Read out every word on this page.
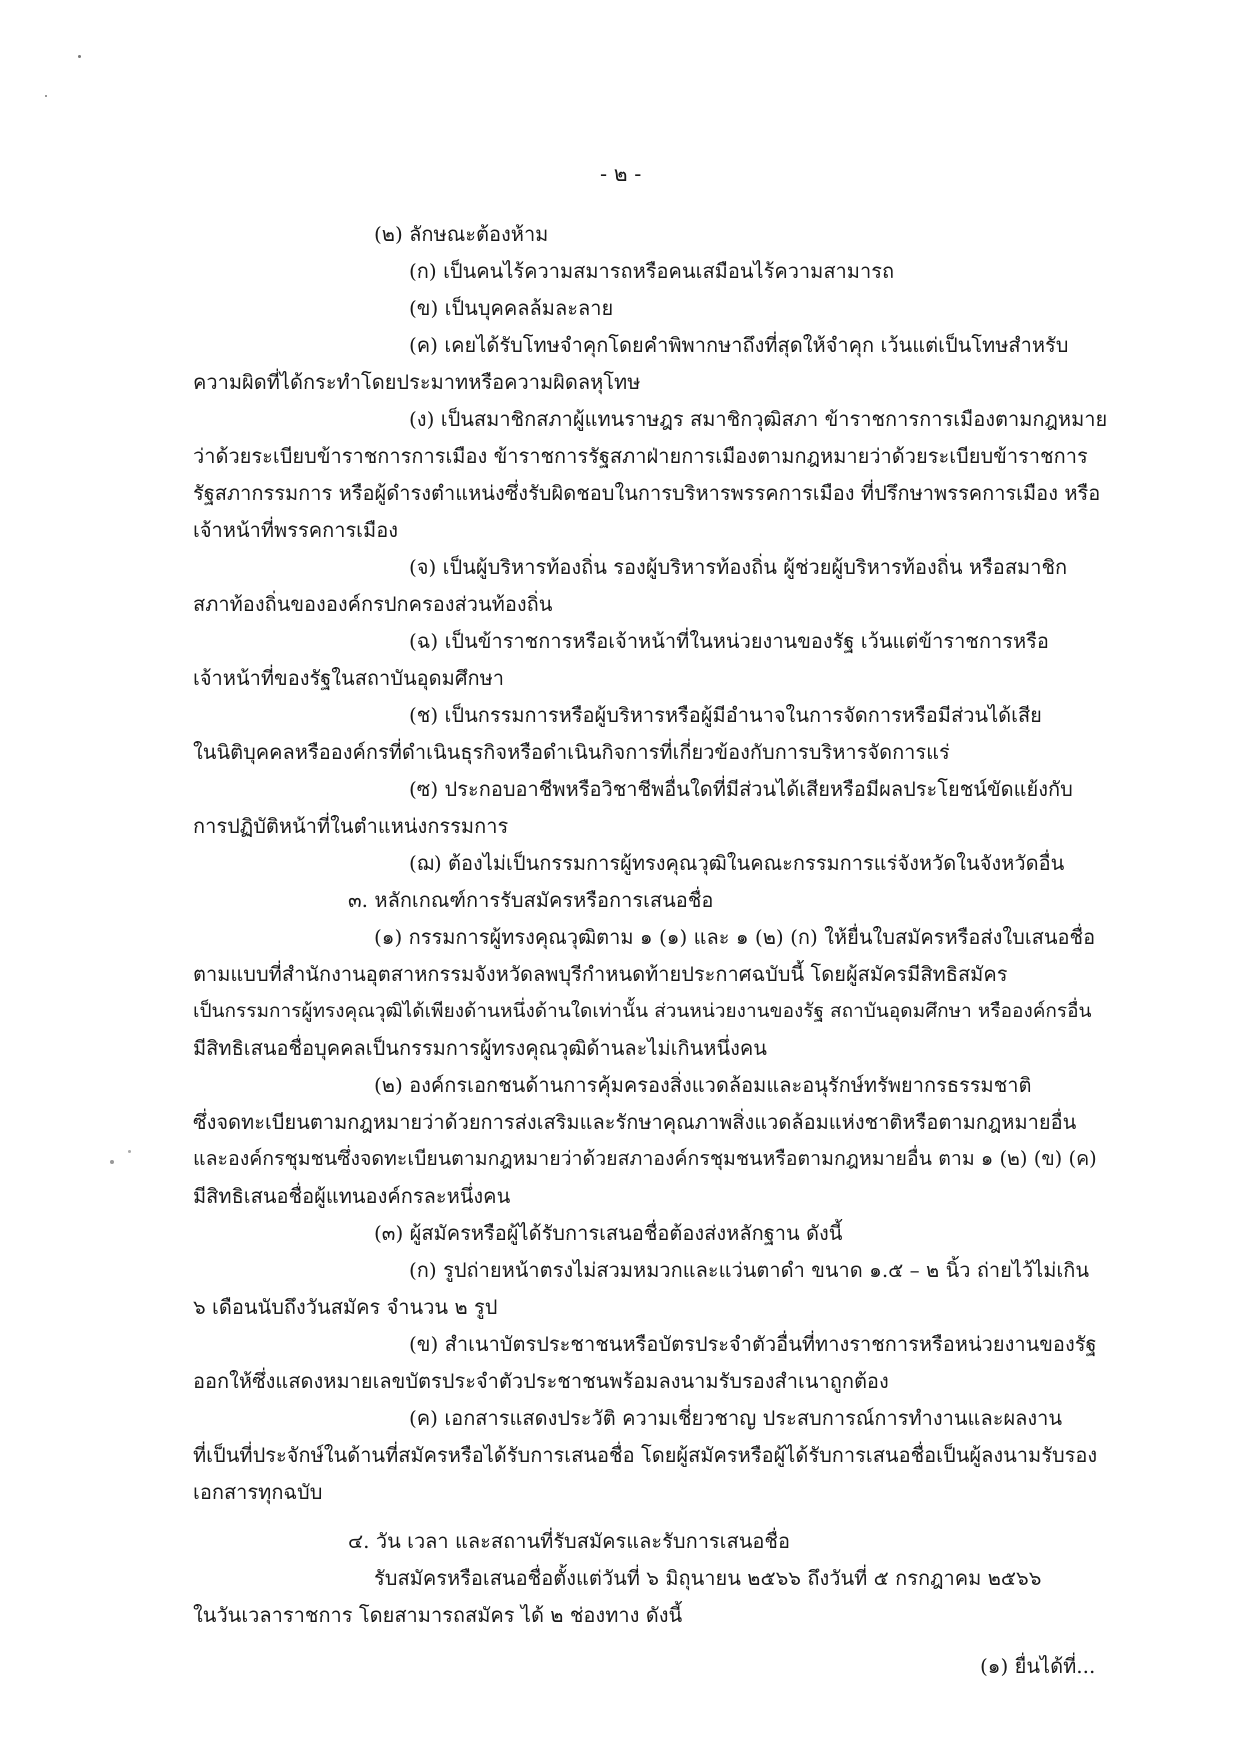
- ๒ -
(๒) ลักษณะต้องห้าม
(ก) เป็นคนไร้ความสมารถหรือคนเสมือนไร้ความสามารถ
(ข) เป็นบุคคลล้มละลาย
(ค) เคยได้รับโทษจำคุกโดยคำพิพากษาถึงที่สุดให้จำคุก เว้นแต่เป็นโทษสำหรับ
ความผิดที่ได้กระทำโดยประมาทหรือความผิดลหุโทษ
(ง) เป็นสมาชิกสภาผู้แทนราษฎร สมาชิกวุฒิสภา ข้าราชการการเมืองตามกฎหมาย
ว่าด้วยระเบียบข้าราชการการเมือง ข้าราชการรัฐสภาฝ่ายการเมืองตามกฎหมายว่าด้วยระเบียบข้าราชการ
รัฐสภากรรมการ หรือผู้ดำรงตำแหน่งซึ่งรับผิดชอบในการบริหารพรรคการเมือง ที่ปรึกษาพรรคการเมือง หรือ
เจ้าหน้าที่พรรคการเมือง
(จ) เป็นผู้บริหารท้องถิ่น รองผู้บริหารท้องถิ่น ผู้ช่วยผู้บริหารท้องถิ่น หรือสมาชิก
สภาท้องถิ่นขององค์กรปกครองส่วนท้องถิ่น
(ฉ) เป็นข้าราชการหรือเจ้าหน้าที่ในหน่วยงานของรัฐ เว้นแต่ข้าราชการหรือ
เจ้าหน้าที่ของรัฐในสถาบันอุดมศึกษา
(ช) เป็นกรรมการหรือผู้บริหารหรือผู้มีอำนาจในการจัดการหรือมีส่วนได้เสีย
ในนิติบุคคลหรือองค์กรที่ดำเนินธุรกิจหรือดำเนินกิจการที่เกี่ยวข้องกับการบริหารจัดการแร่
(ซ) ประกอบอาชีพหรือวิชาชีพอื่นใดที่มีส่วนได้เสียหรือมีผลประโยชน์ขัดแย้งกับ
การปฏิบัติหน้าที่ในตำแหน่งกรรมการ
(ฌ) ต้องไม่เป็นกรรมการผู้ทรงคุณวุฒิในคณะกรรมการแร่จังหวัดในจังหวัดอื่น
๓. หลักเกณฑ์การรับสมัครหรือการเสนอชื่อ
(๑) กรรมการผู้ทรงคุณวุฒิตาม ๑ (๑) และ ๑ (๒) (ก) ให้ยื่นใบสมัครหรือส่งใบเสนอชื่อ
ตามแบบที่สำนักงานอุตสาหกรรมจังหวัดลพบุรีกำหนดท้ายประกาศฉบับนี้ โดยผู้สมัครมีสิทธิสมัคร
เป็นกรรมการผู้ทรงคุณวุฒิได้เพียงด้านหนึ่งด้านใดเท่านั้น ส่วนหน่วยงานของรัฐ สถาบันอุดมศึกษา หรือองค์กรอื่น
มีสิทธิเสนอชื่อบุคคลเป็นกรรมการผู้ทรงคุณวุฒิด้านละไม่เกินหนึ่งคน
(๒) องค์กรเอกชนด้านการคุ้มครองสิ่งแวดล้อมและอนุรักษ์ทรัพยากรธรรมชาติ
ซึ่งจดทะเบียนตามกฎหมายว่าด้วยการส่งเสริมและรักษาคุณภาพสิ่งแวดล้อมแห่งชาติหรือตามกฎหมายอื่น
และองค์กรชุมชนซึ่งจดทะเบียนตามกฎหมายว่าด้วยสภาองค์กรชุมชนหรือตามกฎหมายอื่น ตาม ๑ (๒) (ข) (ค)
มีสิทธิเสนอชื่อผู้แทนองค์กรละหนึ่งคน
(๓) ผู้สมัครหรือผู้ได้รับการเสนอชื่อต้องส่งหลักฐาน ดังนี้
(ก) รูปถ่ายหน้าตรงไม่สวมหมวกและแว่นตาดำ ขนาด ๑.๕ – ๒ นิ้ว ถ่ายไว้ไม่เกิน
๖ เดือนนับถึงวันสมัคร จำนวน ๒ รูป
(ข) สำเนาบัตรประชาชนหรือบัตรประจำตัวอื่นที่ทางราชการหรือหน่วยงานของรัฐ
ออกให้ซึ่งแสดงหมายเลขบัตรประจำตัวประชาชนพร้อมลงนามรับรองสำเนาถูกต้อง
(ค) เอกสารแสดงประวัติ ความเชี่ยวชาญ ประสบการณ์การทำงานและผลงาน
ที่เป็นที่ประจักษ์ในด้านที่สมัครหรือได้รับการเสนอชื่อ โดยผู้สมัครหรือผู้ได้รับการเสนอชื่อเป็นผู้ลงนามรับรอง
เอกสารทุกฉบับ
๔. วัน เวลา และสถานที่รับสมัครและรับการเสนอชื่อ
รับสมัครหรือเสนอชื่อตั้งแต่วันที่ ๖ มิถุนายน ๒๕๖๖ ถึงวันที่ ๕ กรกฎาคม ๒๕๖๖
ในวันเวลาราชการ โดยสามารถสมัคร ได้ ๒ ช่องทาง ดังนี้
(๑) ยื่นได้ที่...
